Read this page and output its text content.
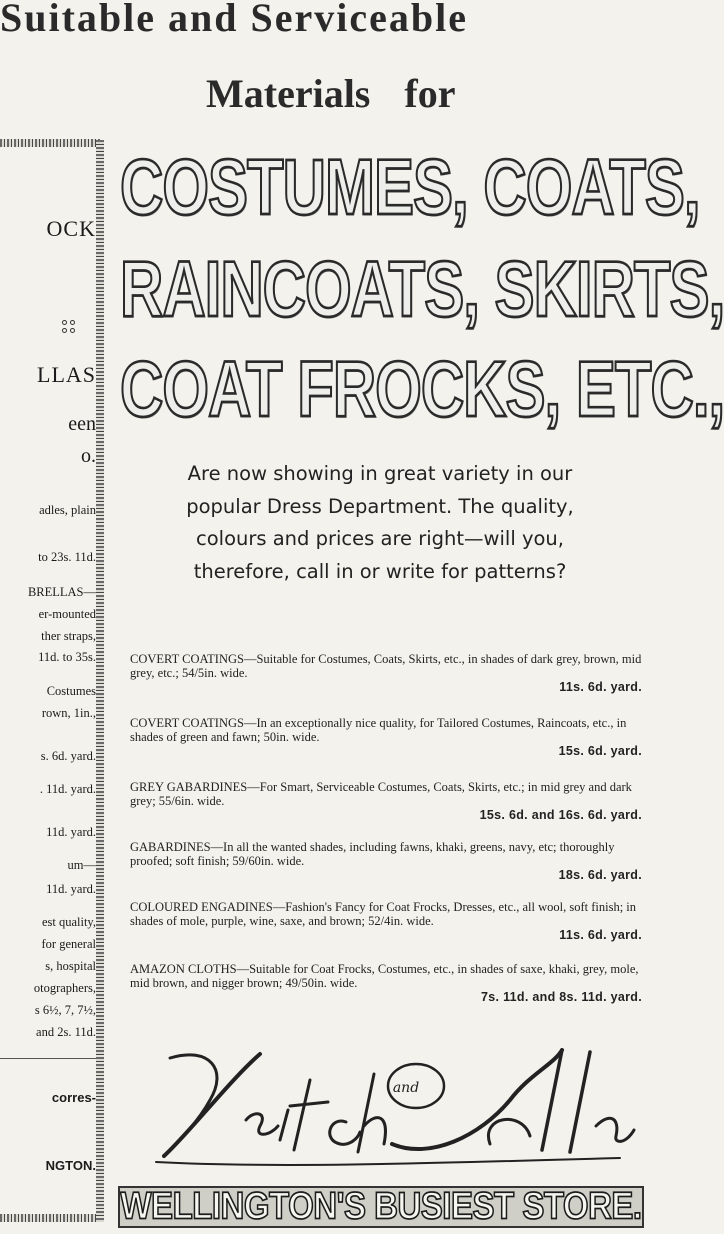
Suitable and Serviceable
Materials for
OCK
LLAS
een
o.
adles, plain
to 23s. 11d.
BRELLAS—
er-mounted
ther straps,
11d. to 35s.
Costumes
rown, 1in.,
s. 6d. yard.
. 11d. yard.
11d. yard.
um—
11d. yard.
est quality,
for general
s, hospital
otographers,
s 6½, 7, 7½,
and 2s. 11d.
corres-
NGTON.
COSTUMES, COATS,
RAINCOATS, SKIRTS,
COAT FROCKS, ETC.,
Are now showing in great variety in our popular Dress Department. The quality, colours and prices are right—will you, therefore, call in or write for patterns?
COVERT COATINGS—Suitable for Costumes, Coats, Skirts, etc., in shades of dark grey, brown, mid grey, etc.; 54/5in. wide.
11s. 6d. yard.
COVERT COATINGS—In an exceptionally nice quality, for Tailored Costumes, Raincoats, etc., in shades of green and fawn; 50in. wide.
15s. 6d. yard.
GREY GABARDINES—For Smart, Serviceable Costumes, Coats, Skirts, etc.; in mid grey and dark grey; 55/6in. wide.
15s. 6d. and 16s. 6d. yard.
GABARDINES—In all the wanted shades, including fawns, khaki, greens, navy, etc; thoroughly proofed; soft finish; 59/60in. wide.
18s. 6d. yard.
COLOURED ENGADINES—Fashion's Fancy for Coat Frocks, Dresses, etc., all wool, soft finish; in shades of mole, purple, wine, saxe, and brown; 52/4in. wide.
11s. 6d. yard.
AMAZON CLOTHS—Suitable for Coat Frocks, Costumes, etc., in shades of saxe, khaki, grey, mole, mid brown, and nigger brown; 49/50in. wide.
7s. 11d. and 8s. 11d. yard.
and
WELLINGTON'S BUSIEST STORE.
